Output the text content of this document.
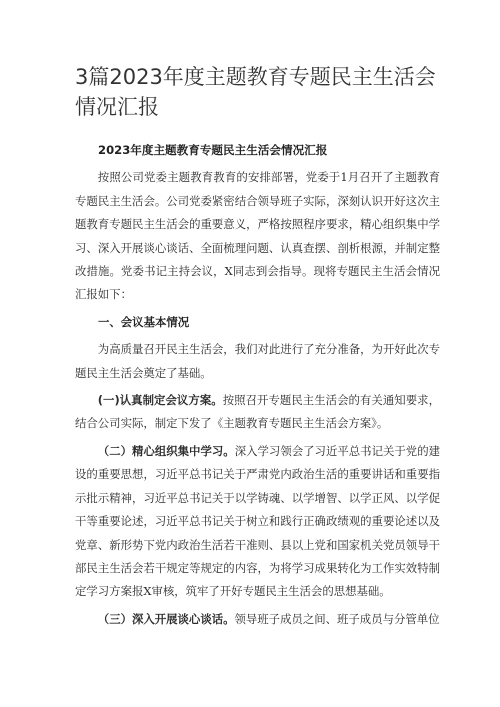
3篇2023年度主题教育专题民主生活会情况汇报

2023年度主题教育专题民主生活会情况汇报

按照公司党委主题教育教育的安排部署，党委于1月召开了主题教育专题民主生活会。公司党委紧密结合领导班子实际，深刻认识开好这次主题教育专题民主生活会的重要意义，严格按照程序要求，精心组织集中学习、深入开展谈心谈话、全面梳理问题、认真查摆、剖析根源，并制定整改措施。党委书记主持会议，X同志到会指导。现将专题民主生活会情况汇报如下：

一、会议基本情况

为高质量召开民主生活会，我们对此进行了充分准备，为开好此次专题民主生活会奠定了基础。

(一)认真制定会议方案。按照召开专题民主生活会的有关通知要求，结合公司实际，制定下发了《主题教育专题民主生活会方案》。

（二）精心组织集中学习。深入学习领会了习近平总书记关于党的建设的重要思想，习近平总书记关于严肃党内政治生活的重要讲话和重要指示批示精神，习近平总书记关于以学铸魂、以学增智、以学正风、以学促干等重要论述，习近平总书记关于树立和践行正确政绩观的重要论述以及党章、新形势下党内政治生活若干准则、县以上党和国家机关党员领导干部民主生活会若干规定等规定的内容，为将学习成果转化为工作实效特制定学习方案报X审核，筑牢了开好专题民主生活会的思想基础。

（三）深入开展谈心谈话。领导班子成员之间、班子成员与分管单位
